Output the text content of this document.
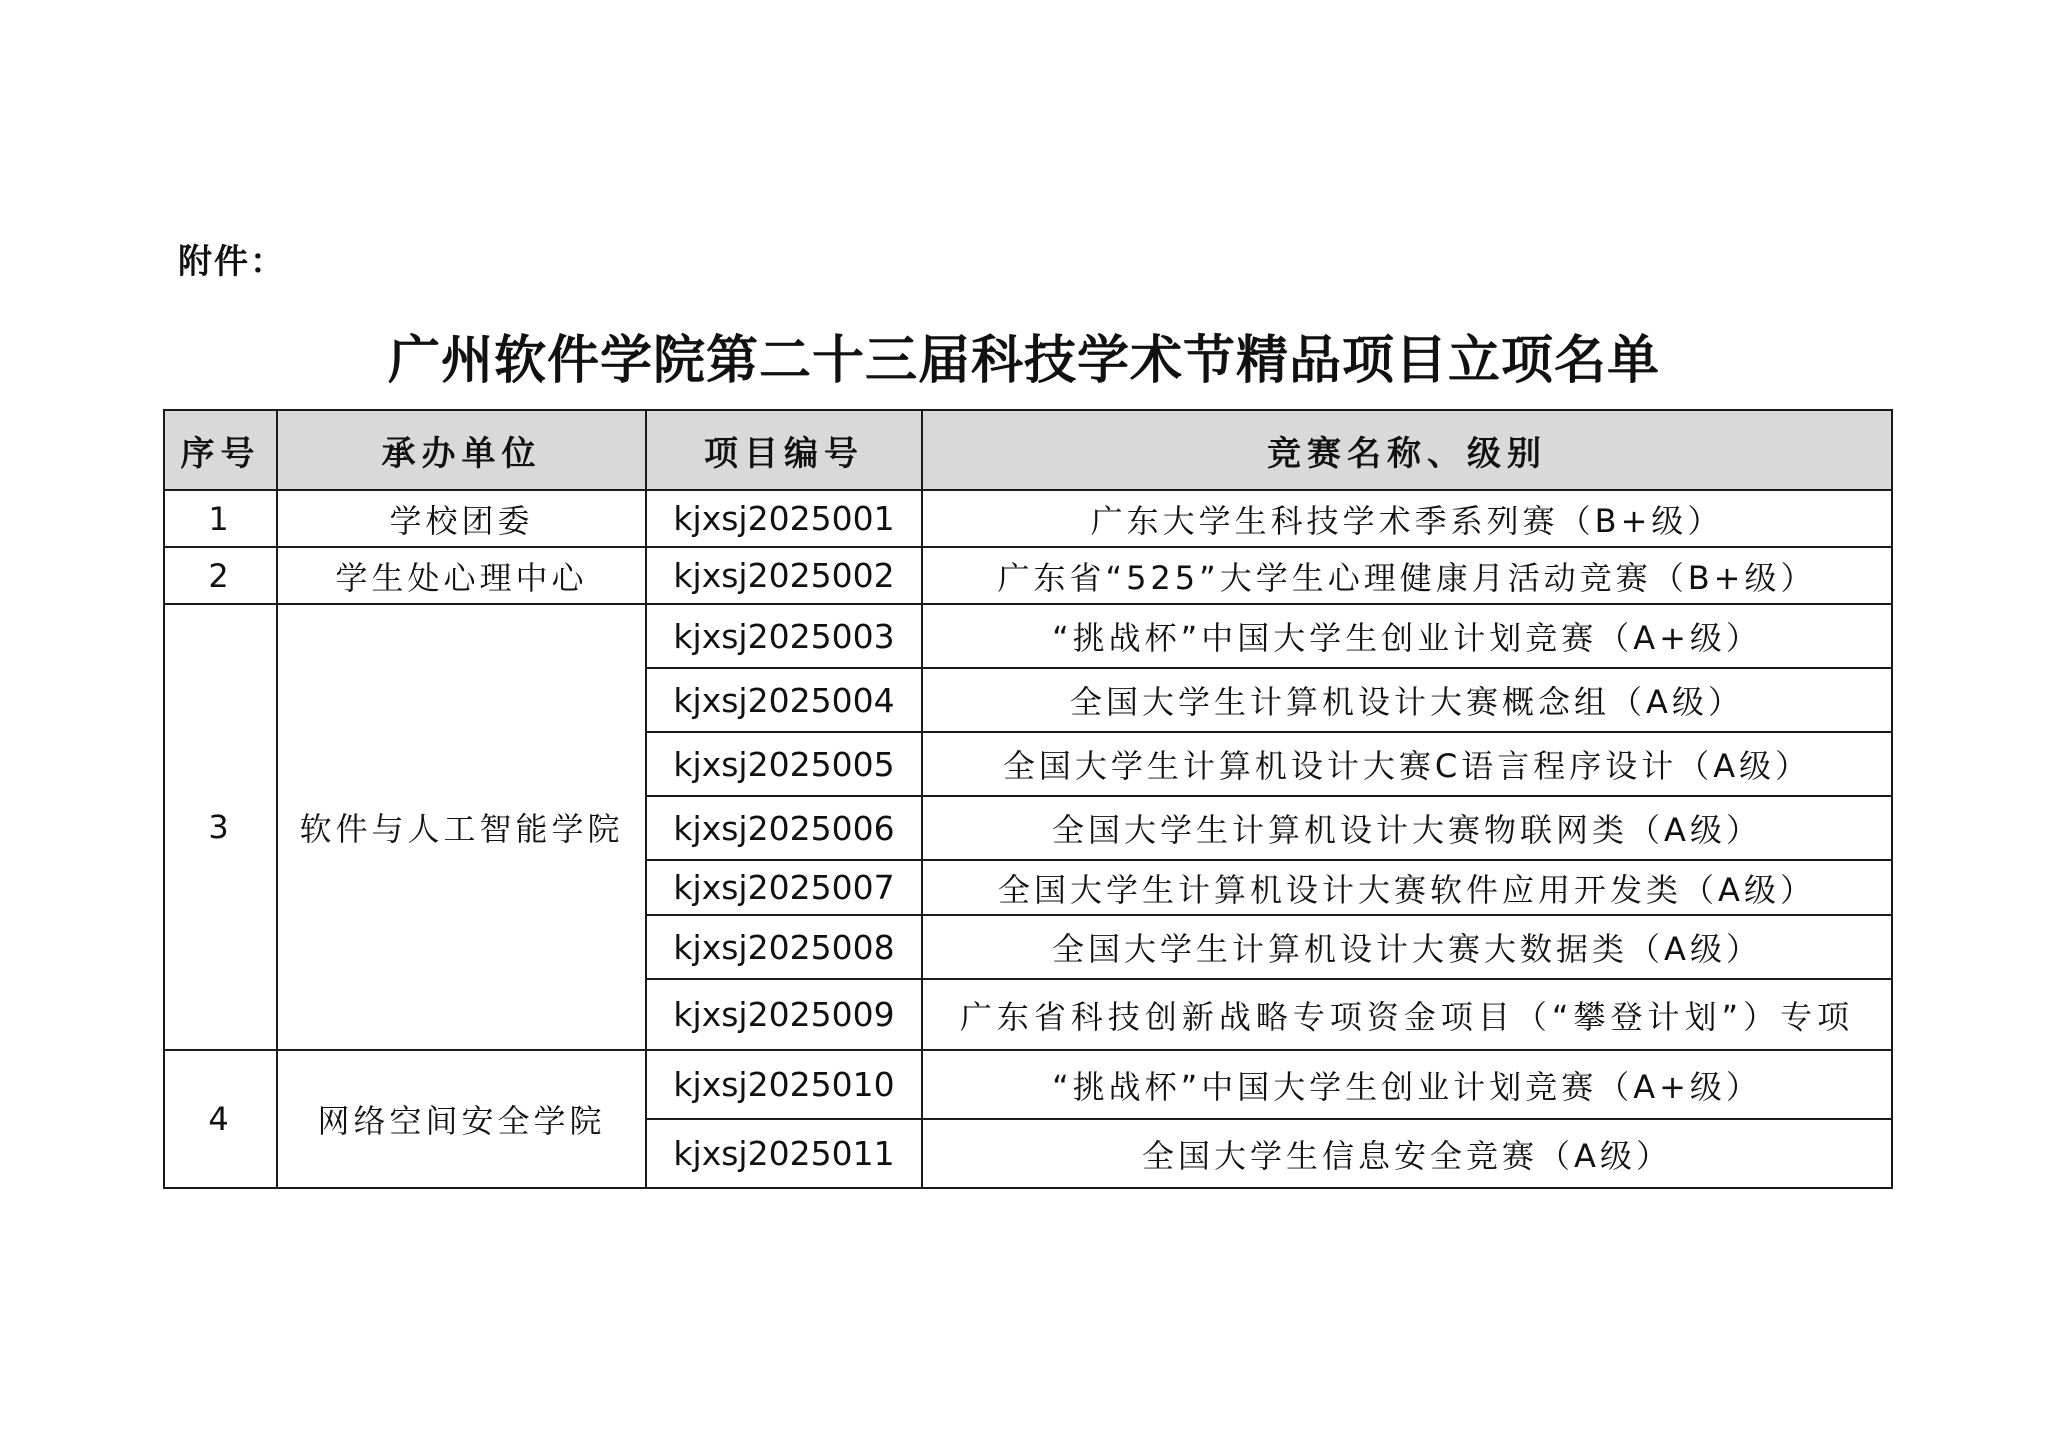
附件：
广州软件学院第二十三届科技学术节精品项目立项名单
序号	承办单位	项目编号	竞赛名称、级别
1	学校团委	kjxsj2025001	广东大学生科技学术季系列赛（B+级）
2	学生处心理中心	kjxsj2025002	广东省“525”大学生心理健康月活动竞赛（B+级）
3	软件与人工智能学院	kjxsj2025003	“挑战杯”中国大学生创业计划竞赛（A+级）
		kjxsj2025004	全国大学生计算机设计大赛概念组（A级）
		kjxsj2025005	全国大学生计算机设计大赛C语言程序设计（A级）
		kjxsj2025006	全国大学生计算机设计大赛物联网类（A级）
		kjxsj2025007	全国大学生计算机设计大赛软件应用开发类（A级）
		kjxsj2025008	全国大学生计算机设计大赛大数据类（A级）
		kjxsj2025009	广东省科技创新战略专项资金项目（“攀登计划”）专项
4	网络空间安全学院	kjxsj2025010	“挑战杯”中国大学生创业计划竞赛（A+级）
		kjxsj2025011	全国大学生信息安全竞赛（A级）
